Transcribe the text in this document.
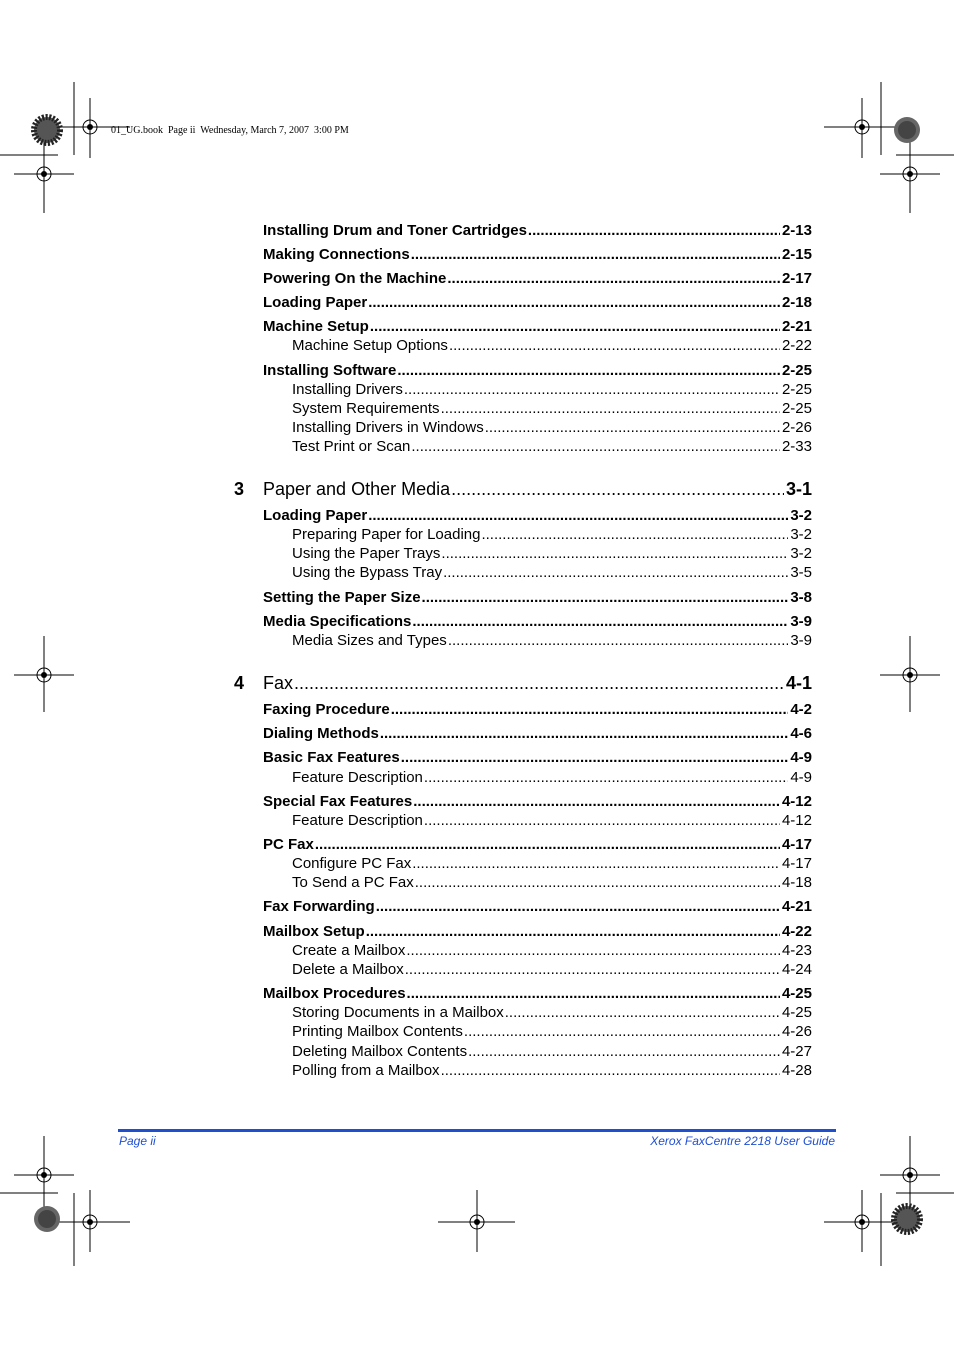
01_UG.book  Page ii  Wednesday, March 7, 2007  3:00 PM
Installing Drum and Toner Cartridges .....	2-13
Making Connections .....	2-15
Powering On the Machine .....	2-17
Loading Paper .....	2-18
Machine Setup .....	2-21
Machine Setup Options .....	2-22
Installing Software .....	2-25
Installing Drivers .....	2-25
System Requirements .....	2-25
Installing Drivers in Windows .....	2-26
Test Print or Scan .....	2-33
3 Paper and Other Media .....	3-1
Loading Paper .....	3-2
Preparing Paper for Loading .....	3-2
Using the Paper Trays .....	3-2
Using the Bypass Tray .....	3-5
Setting the Paper Size .....	3-8
Media Specifications .....	3-9
Media Sizes and Types .....	3-9
4 Fax .....	4-1
Faxing Procedure .....	4-2
Dialing Methods .....	4-6
Basic Fax Features .....	4-9
Feature Description .....	4-9
Special Fax Features .....	4-12
Feature Description .....	4-12
PC Fax .....	4-17
Configure PC Fax .....	4-17
To Send a PC Fax .....	4-18
Fax Forwarding .....	4-21
Mailbox Setup .....	4-22
Create a Mailbox .....	4-23
Delete a Mailbox .....	4-24
Mailbox Procedures .....	4-25
Storing Documents in a Mailbox .....	4-25
Printing Mailbox Contents .....	4-26
Deleting Mailbox Contents .....	4-27
Polling from a Mailbox .....	4-28
Page ii	Xerox FaxCentre 2218 User Guide
